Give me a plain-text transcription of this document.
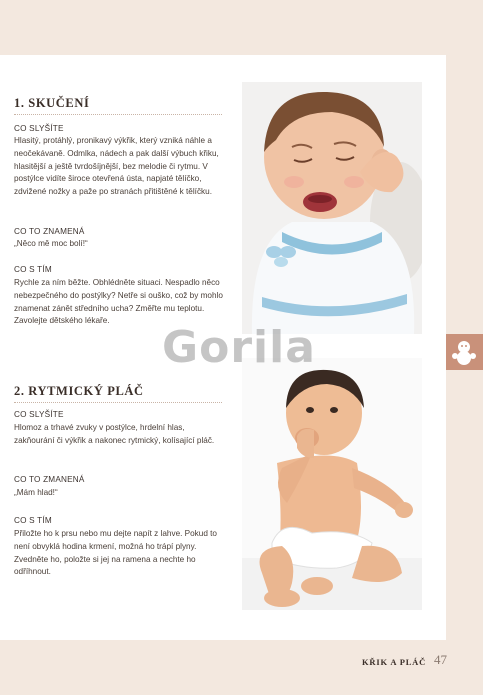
1. SKUČENÍ
CO SLYŠÍTE
Hlasitý, protáhlý, pronikavý výkřik, který vzniká náhle a neočekávaně. Odmlka, nádech a pak další výbuch křiku, hlasitější a ještě tvrdošíjnější, bez melodie či rytmu. V postýlce vidíte široce otevřená ústa, napjaté tělíčko, zdvižené nožky a paže po stranách přitištěné k tělíčku.
CO TO ZNAMENÁ
„Něco mě moc bolí!“
CO S TÍM
Rychle za ním běžte. Obhlédněte situaci. Nespadlo něco nebezpečného do postýlky? Netře si ouško, což by mohlo znamenat zánět středního ucha? Změřte mu teplotu. Zavolejte dětského lékaře.
2. RYTMICKÝ PLÁČ
CO SLYŠÍTE
Hlomoz a trhavé zvuky v postýlce, hrdelní hlas, zakňourání či výkřik a nakonec rytmický, kolísající pláč.
CO TO ZMANENÁ
„Mám hlad!“
CO S TÍM
Přiložte ho k prsu nebo mu dejte napít z lahve. Pokud to není obvyklá hodina krmení, možná ho trápí plyny. Zvedněte ho, položte si jej na ramena a nechte ho odříhnout.
Gorila
KŘIK A PLÁČ 47
